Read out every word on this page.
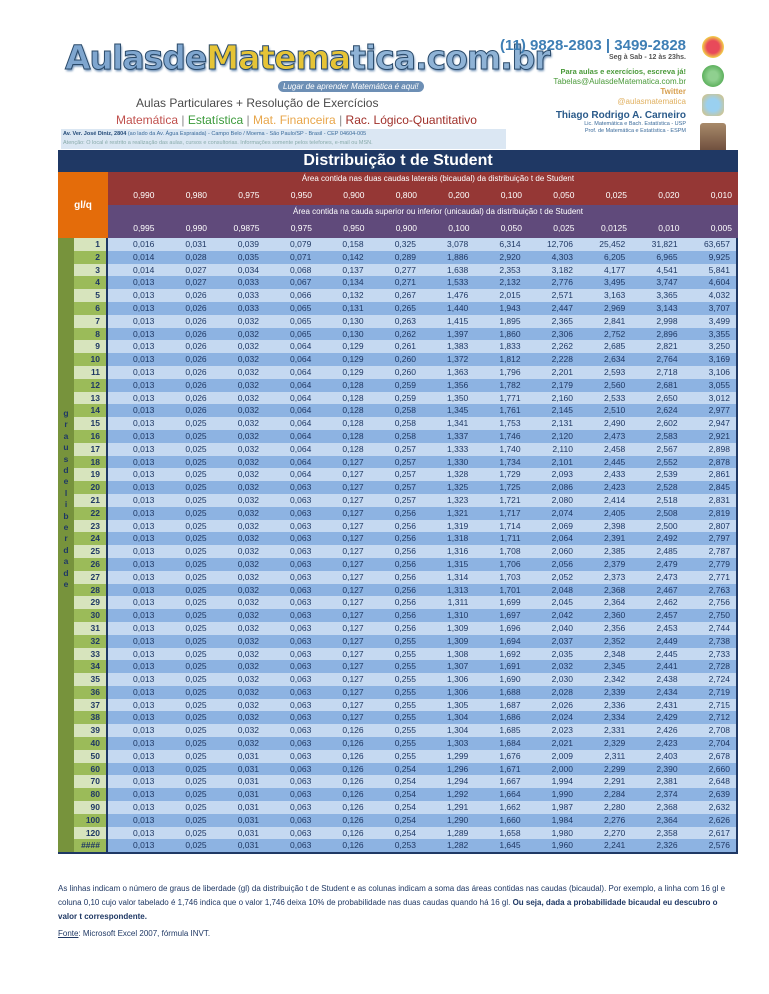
AulasdeMatematica.com.br
Lugar de aprender Matemática é aqui!
Aulas Particulares + Resolução de Exercícios
Matemática | Estatística | Mat. Financeira | Rac. Lógico-Quantitativo
Av. Ver. José Diniz, 2804 (ao lado da Av. Água Espraiada) - Campo Belo / Moema - São Paulo/SP - Brasil - CEP 04604-005
Atenção: O local é restrito a realização das aulas, cursos e consultorias. Informações somente pelos telefones, e-mail ou MSN.
(11) 9828-2803 | 3499-2828
Seg à Sab - 12 às 23hs.
Para aulas e exercícios, escreva já!
Tabelas@AulasdeMatematica.com.br
Twitter
@aulasmatematica
Thiago Rodrigo A. Carneiro
Lic. Matemática e Bach. Estatística - USP
Prof. de Matemática e Estatística - ESPM
Distribuição t de Student
gl/q
Área contida nas duas caudas laterais (bicaudal) da distribuição t de Student
0,990	0,980	0,975	0,950	0,900	0,800	0,200	0,100	0,050	0,025	0,020	0,010
Área contida na cauda superior ou inferior (unicaudal) da distribuição t de Student
0,995	0,990	0,9875	0,975	0,950	0,900	0,100	0,050	0,025	0,0125	0,010	0,005
g
r
a
u
s
d
e
l
i
b
e
r
d
a
d
e
1	0,016	0,031	0,039	0,079	0,158	0,325	3,078	6,314	12,706	25,452	31,821	63,657
2	0,014	0,028	0,035	0,071	0,142	0,289	1,886	2,920	4,303	6,205	6,965	9,925
3	0,014	0,027	0,034	0,068	0,137	0,277	1,638	2,353	3,182	4,177	4,541	5,841
4	0,013	0,027	0,033	0,067	0,134	0,271	1,533	2,132	2,776	3,495	3,747	4,604
5	0,013	0,026	0,033	0,066	0,132	0,267	1,476	2,015	2,571	3,163	3,365	4,032
6	0,013	0,026	0,033	0,065	0,131	0,265	1,440	1,943	2,447	2,969	3,143	3,707
7	0,013	0,026	0,032	0,065	0,130	0,263	1,415	1,895	2,365	2,841	2,998	3,499
8	0,013	0,026	0,032	0,065	0,130	0,262	1,397	1,860	2,306	2,752	2,896	3,355
9	0,013	0,026	0,032	0,064	0,129	0,261	1,383	1,833	2,262	2,685	2,821	3,250
10	0,013	0,026	0,032	0,064	0,129	0,260	1,372	1,812	2,228	2,634	2,764	3,169
11	0,013	0,026	0,032	0,064	0,129	0,260	1,363	1,796	2,201	2,593	2,718	3,106
12	0,013	0,026	0,032	0,064	0,128	0,259	1,356	1,782	2,179	2,560	2,681	3,055
13	0,013	0,026	0,032	0,064	0,128	0,259	1,350	1,771	2,160	2,533	2,650	3,012
14	0,013	0,026	0,032	0,064	0,128	0,258	1,345	1,761	2,145	2,510	2,624	2,977
15	0,013	0,025	0,032	0,064	0,128	0,258	1,341	1,753	2,131	2,490	2,602	2,947
16	0,013	0,025	0,032	0,064	0,128	0,258	1,337	1,746	2,120	2,473	2,583	2,921
17	0,013	0,025	0,032	0,064	0,128	0,257	1,333	1,740	2,110	2,458	2,567	2,898
18	0,013	0,025	0,032	0,064	0,127	0,257	1,330	1,734	2,101	2,445	2,552	2,878
19	0,013	0,025	0,032	0,064	0,127	0,257	1,328	1,729	2,093	2,433	2,539	2,861
20	0,013	0,025	0,032	0,063	0,127	0,257	1,325	1,725	2,086	2,423	2,528	2,845
21	0,013	0,025	0,032	0,063	0,127	0,257	1,323	1,721	2,080	2,414	2,518	2,831
22	0,013	0,025	0,032	0,063	0,127	0,256	1,321	1,717	2,074	2,405	2,508	2,819
23	0,013	0,025	0,032	0,063	0,127	0,256	1,319	1,714	2,069	2,398	2,500	2,807
24	0,013	0,025	0,032	0,063	0,127	0,256	1,318	1,711	2,064	2,391	2,492	2,797
25	0,013	0,025	0,032	0,063	0,127	0,256	1,316	1,708	2,060	2,385	2,485	2,787
26	0,013	0,025	0,032	0,063	0,127	0,256	1,315	1,706	2,056	2,379	2,479	2,779
27	0,013	0,025	0,032	0,063	0,127	0,256	1,314	1,703	2,052	2,373	2,473	2,771
28	0,013	0,025	0,032	0,063	0,127	0,256	1,313	1,701	2,048	2,368	2,467	2,763
29	0,013	0,025	0,032	0,063	0,127	0,256	1,311	1,699	2,045	2,364	2,462	2,756
30	0,013	0,025	0,032	0,063	0,127	0,256	1,310	1,697	2,042	2,360	2,457	2,750
31	0,013	0,025	0,032	0,063	0,127	0,256	1,309	1,696	2,040	2,356	2,453	2,744
32	0,013	0,025	0,032	0,063	0,127	0,255	1,309	1,694	2,037	2,352	2,449	2,738
33	0,013	0,025	0,032	0,063	0,127	0,255	1,308	1,692	2,035	2,348	2,445	2,733
34	0,013	0,025	0,032	0,063	0,127	0,255	1,307	1,691	2,032	2,345	2,441	2,728
35	0,013	0,025	0,032	0,063	0,127	0,255	1,306	1,690	2,030	2,342	2,438	2,724
36	0,013	0,025	0,032	0,063	0,127	0,255	1,306	1,688	2,028	2,339	2,434	2,719
37	0,013	0,025	0,032	0,063	0,127	0,255	1,305	1,687	2,026	2,336	2,431	2,715
38	0,013	0,025	0,032	0,063	0,127	0,255	1,304	1,686	2,024	2,334	2,429	2,712
39	0,013	0,025	0,032	0,063	0,126	0,255	1,304	1,685	2,023	2,331	2,426	2,708
40	0,013	0,025	0,032	0,063	0,126	0,255	1,303	1,684	2,021	2,329	2,423	2,704
50	0,013	0,025	0,031	0,063	0,126	0,255	1,299	1,676	2,009	2,311	2,403	2,678
60	0,013	0,025	0,031	0,063	0,126	0,254	1,296	1,671	2,000	2,299	2,390	2,660
70	0,013	0,025	0,031	0,063	0,126	0,254	1,294	1,667	1,994	2,291	2,381	2,648
80	0,013	0,025	0,031	0,063	0,126	0,254	1,292	1,664	1,990	2,284	2,374	2,639
90	0,013	0,025	0,031	0,063	0,126	0,254	1,291	1,662	1,987	2,280	2,368	2,632
100	0,013	0,025	0,031	0,063	0,126	0,254	1,290	1,660	1,984	2,276	2,364	2,626
120	0,013	0,025	0,031	0,063	0,126	0,254	1,289	1,658	1,980	2,270	2,358	2,617
####	0,013	0,025	0,031	0,063	0,126	0,253	1,282	1,645	1,960	2,241	2,326	2,576
As linhas indicam o número de graus de liberdade (gl) da distribuição t de Student e as colunas indicam a soma das áreas contidas nas caudas (bicaudal). Por exemplo, a linha com 16 gl e coluna 0,10 cujo valor tabelado é 1,746 indica que o valor 1,746 deixa 10% de probabilidade nas duas caudas quando há 16 gl. Ou seja, dada a probabilidade bicaudal eu descubro o valor t correspondente.
Fonte: Microsoft Excel 2007, fórmula INVT.
